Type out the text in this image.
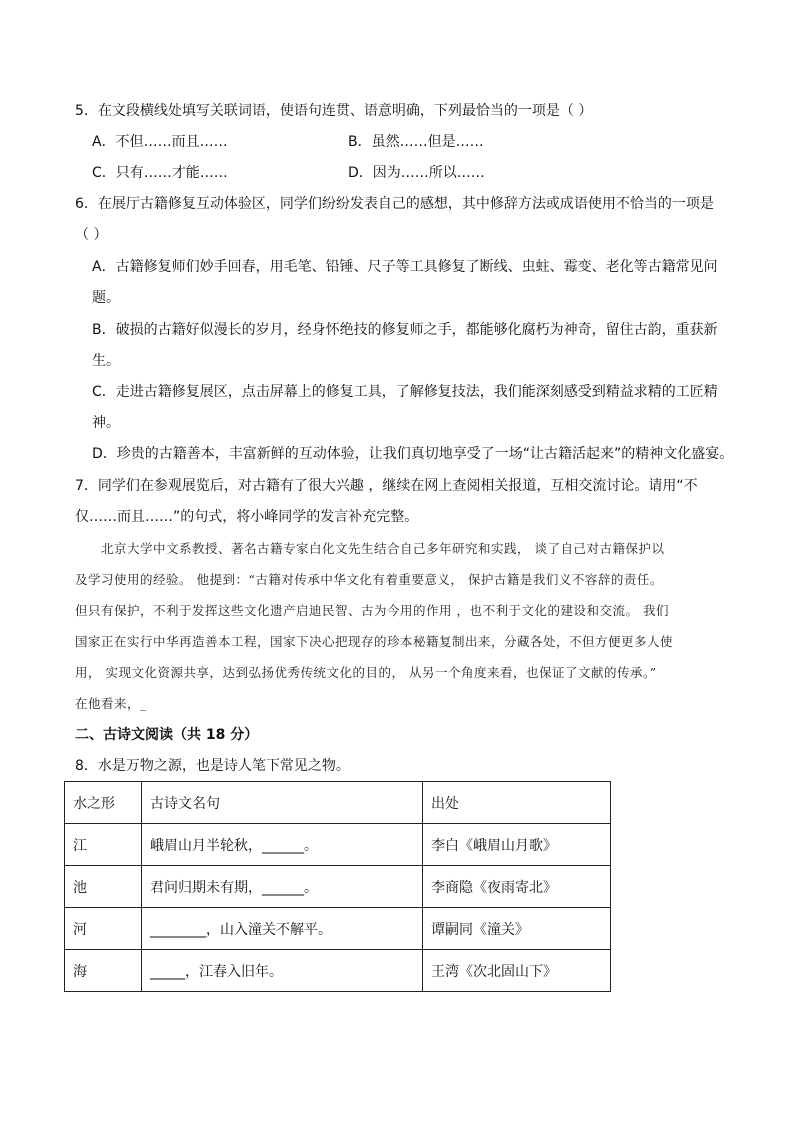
5．在文段横线处填写关联词语，使语句连贯、语意明确，下列最恰当的一项是（ ）
A．不但……而且……	B．虽然……但是……
C．只有……才能……	D．因为……所以……
6．在展厅古籍修复互动体验区，同学们纷纷发表自己的感想，其中修辞方法或成语使用不恰当的一项是
（ ）
A．古籍修复师们妙手回春，用毛笔、铅锤、尺子等工具修复了断线、虫蛀、霉变、老化等古籍常见问
题。
B．破损的古籍好似漫长的岁月，经身怀绝技的修复师之手，都能够化腐朽为神奇，留住古韵，重获新
生。
C．走进古籍修复展区，点击屏幕上的修复工具，了解修复技法，我们能深刻感受到精益求精的工匠精
神。
D．珍贵的古籍善本，丰富新鲜的互动体验，让我们真切地享受了一场“让古籍活起来”的精神文化盛宴。
7．同学们在参观展览后，对古籍有了很大兴趣 ，继续在网上查阅相关报道，互相交流讨论。请用“不
仅……而且……”的句式，将小峰同学的发言补充完整。
北京大学中文系教授、著名古籍专家白化文先生结合自己多年研究和实践， 谈了自己对古籍保护以
及学习使用的经验。 他提到：“古籍对传承中华文化有着重要意义， 保护古籍是我们义不容辞的责任。
但只有保护，不利于发挥这些文化遗产启迪民智、古为今用的作用 ，也不利于文化的建设和交流。 我们
国家正在实行中华再造善本工程，国家下决心把现存的珍本秘籍复制出来，分藏各处，不但方便更多人使
用， 实现文化资源共享，达到弘扬优秀传统文化的目的， 从另一个角度来看，也保证了文献的传承。”
在他看来，_
二、古诗文阅读（共 18 分）
8．水是万物之源，也是诗人笔下常见之物。
水之形	古诗文名句	出处
江	峨眉山月半轮秋，______。	李白《峨眉山月歌》
池	君问归期未有期，______。	李商隐《夜雨寄北》
河	________，山入潼关不解平。	谭嗣同《潼关》
海	_____，江春入旧年。	王湾《次北固山下》
